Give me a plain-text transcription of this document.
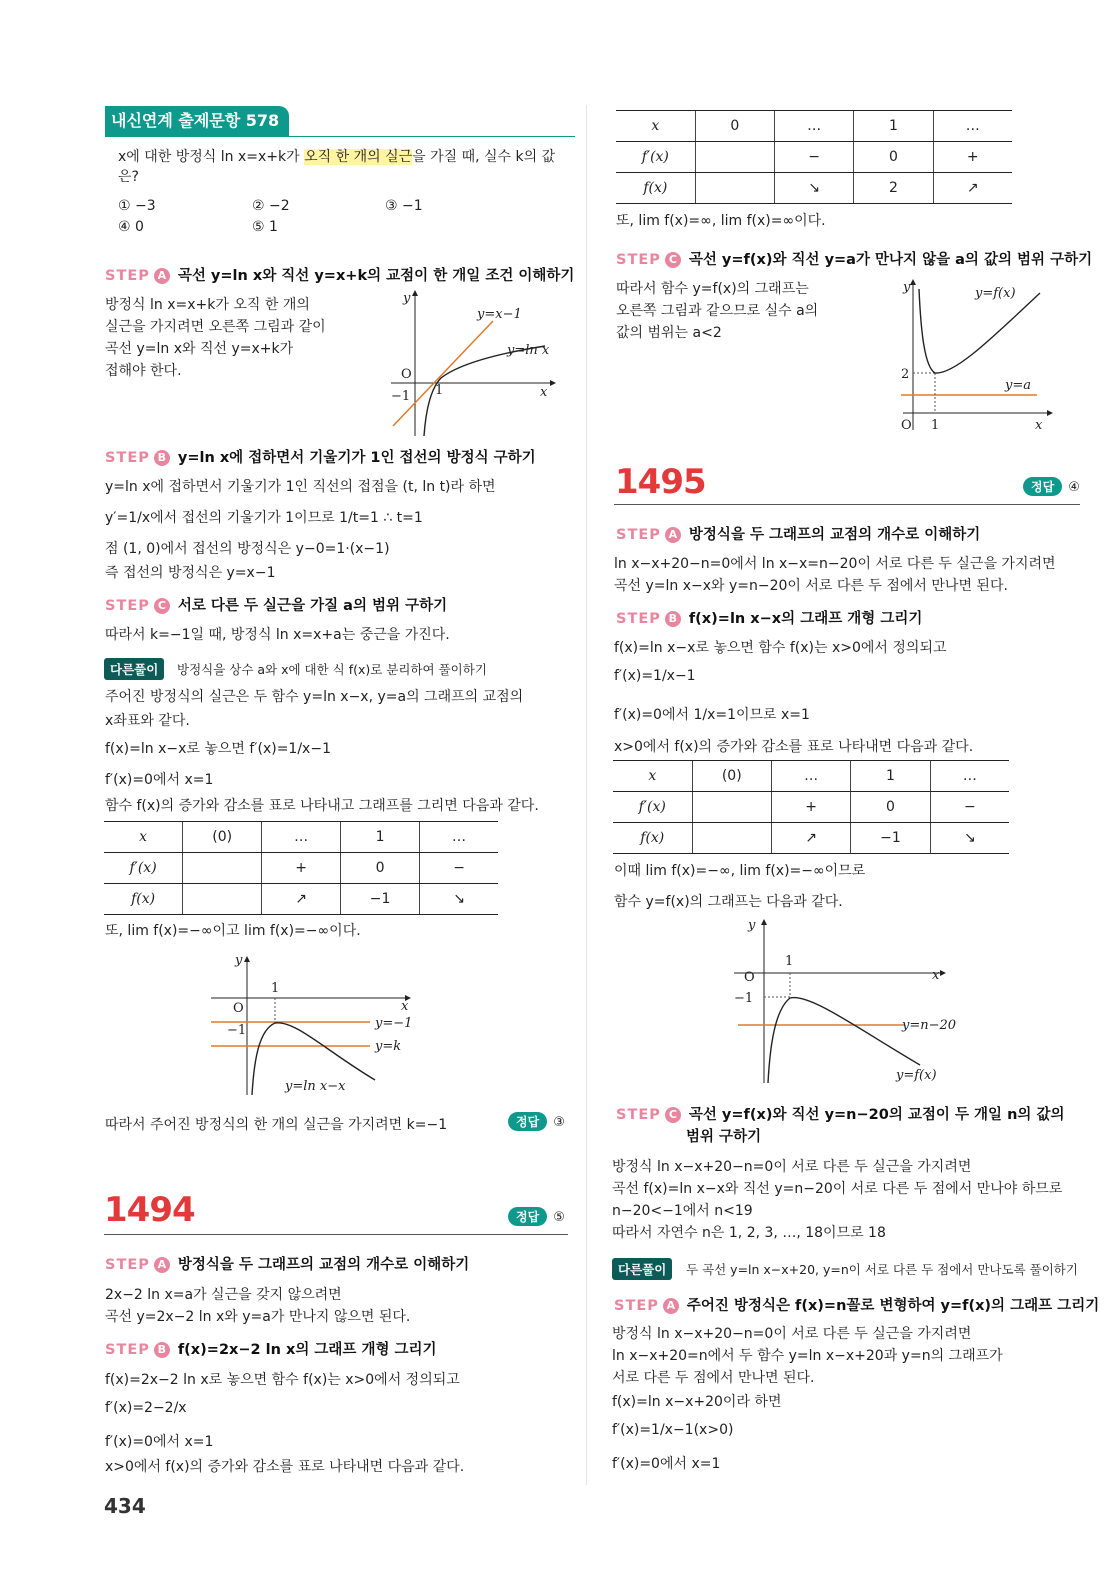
내신연계 출제문항 578
x에 대한 방정식 ln x=x+k가 오직 한 개의 실근을 가질 때, 실수 k의 값
은?
① −3	② −2	③ −1
④ 0	⑤ 1
STEP A 곡선 y=ln x와 직선 y=x+k의 교점이 한 개일 조건 이해하기
방정식 ln x=x+k가 오직 한 개의
실근을 가지려면 오른쪽 그림과 같이
곡선 y=ln x와 직선 y=x+k가
접해야 한다.
y
x
O
1
−1
y=x−1
y=ln x
STEP B y=ln x에 접하면서 기울기가 1인 접선의 방정식 구하기
y=ln x에 접하면서 기울기가 1인 직선의 접점을 (t, ln t)라 하면
y′=1/x에서 접선의 기울기가 1이므로 1/t=1 ∴ t=1
점 (1, 0)에서 접선의 방정식은 y−0=1·(x−1)
즉 접선의 방정식은 y=x−1
STEP C 서로 다른 두 실근을 가질 a의 범위 구하기
따라서 k=−1일 때, 방정식 ln x=x+a는 중근을 가진다.
다른풀이	방정식을 상수 a와 x에 대한 식 f(x)로 분리하여 풀이하기
주어진 방정식의 실근은 두 함수 y=ln x−x, y=a의 그래프의 교점의
x좌표와 같다.
f(x)=ln x−x로 놓으면 f′(x)=1/x−1
f′(x)=0에서 x=1
함수 f(x)의 증가와 감소를 표로 나타내고 그래프를 그리면 다음과 같다.
x	(0)	…	1	…
f′(x)		+	0	−
f(x)		↗	−1	↘
또, lim f(x)=−∞이고 lim f(x)=−∞이다.
y
x
O
1
−1	y=−1
y=k
y=ln x−x
따라서 주어진 방정식의 한 개의 실근을 가지려면 k=−1	정답 ③
1494	정답 ⑤
STEP A 방정식을 두 그래프의 교점의 개수로 이해하기
2x−2 ln x=a가 실근을 갖지 않으려면
곡선 y=2x−2 ln x와 y=a가 만나지 않으면 된다.
STEP B f(x)=2x−2 ln x의 그래프 개형 그리기
f(x)=2x−2 ln x로 놓으면 함수 f(x)는 x>0에서 정의되고
f′(x)=2−2/x
f′(x)=0에서 x=1
x>0에서 f(x)의 증가와 감소를 표로 나타내면 다음과 같다.
434
x	0	…	1	…
f′(x)		−	0	+
f(x)		↘	2	↗
또, lim f(x)=∞, lim f(x)=∞이다.
STEP C 곡선 y=f(x)와 직선 y=a가 만나지 않을 a의 값의 범위 구하기
따라서 함수 y=f(x)의 그래프는
오른쪽 그림과 같으므로 실수 a의
값의 범위는 a<2
y
x
O 1
2
y=f(x)
y=a
1495	정답 ④
STEP A 방정식을 두 그래프의 교점의 개수로 이해하기
ln x−x+20−n=0에서 ln x−x=n−20이 서로 다른 두 실근을 가지려면
곡선 y=ln x−x와 y=n−20이 서로 다른 두 점에서 만나면 된다.
STEP B f(x)=ln x−x의 그래프 개형 그리기
f(x)=ln x−x로 놓으면 함수 f(x)는 x>0에서 정의되고
f′(x)=1/x−1
f′(x)=0에서 1/x=1이므로 x=1
x>0에서 f(x)의 증가와 감소를 표로 나타내면 다음과 같다.
x	(0)	…	1	…
f′(x)		+	0	−
f(x)		↗	−1	↘
이때 lim f(x)=−∞, lim f(x)=−∞이므로
함수 y=f(x)의 그래프는 다음과 같다.
y
x
O
1
−1
y=n−20
y=f(x)
STEP C 곡선 y=f(x)와 직선 y=n−20의 교점이 두 개일 n의 값의
범위 구하기
방정식 ln x−x+20−n=0이 서로 다른 두 실근을 가지려면
곡선 f(x)=ln x−x와 직선 y=n−20이 서로 다른 두 점에서 만나야 하므로
n−20<−1에서 n<19
따라서 자연수 n은 1, 2, 3, …, 18이므로 18
다른풀이	두 곡선 y=ln x−x+20, y=n이 서로 다른 두 점에서 만나도록 풀이하기
STEP A 주어진 방정식은 f(x)=n꼴로 변형하여 y=f(x)의 그래프 그리기
방정식 ln x−x+20−n=0이 서로 다른 두 실근을 가지려면
ln x−x+20=n에서 두 함수 y=ln x−x+20과 y=n의 그래프가
서로 다른 두 점에서 만나면 된다.
f(x)=ln x−x+20이라 하면
f′(x)=1/x−1(x>0)
f′(x)=0에서 x=1
